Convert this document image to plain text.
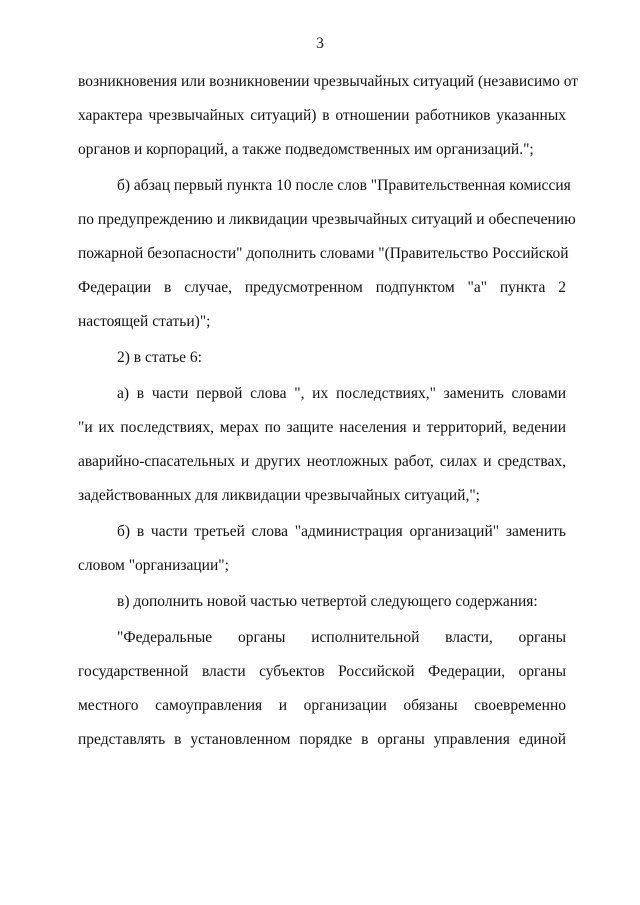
3
возникновения или возникновении чрезвычайных ситуаций (независимо от
характера чрезвычайных ситуаций) в отношении работников указанных
органов и корпораций, а также подведомственных им организаций.";
б) абзац первый пункта 10 после слов "Правительственная комиссия
по предупреждению и ликвидации чрезвычайных ситуаций и обеспечению
пожарной безопасности" дополнить словами "(Правительство Российской
Федерации в случае, предусмотренном подпунктом "а" пункта 2
настоящей статьи)";
2) в статье 6:
а) в части первой слова ", их последствиях," заменить словами
"и их последствиях, мерах по защите населения и территорий, ведении
аварийно-спасательных и других неотложных работ, силах и средствах,
задействованных для ликвидации чрезвычайных ситуаций,";
б) в части третьей слова "администрация организаций" заменить
словом "организации";
в) дополнить новой частью четвертой следующего содержания:
"Федеральные органы исполнительной власти, органы
государственной власти субъектов Российской Федерации, органы
местного самоуправления и организации обязаны своевременно
представлять в установленном порядке в органы управления единой
